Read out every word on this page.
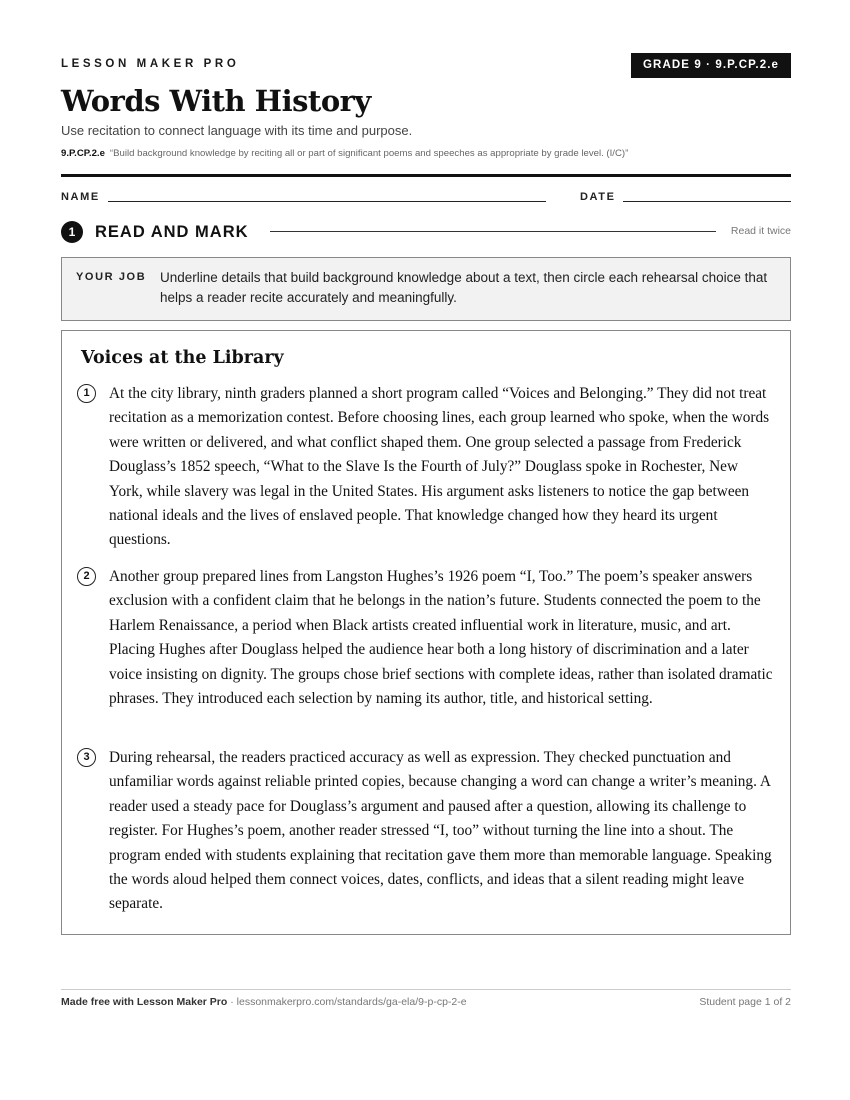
LESSON MAKER PRO	GRADE 9 · 9.P.CP.2.e
Words With History
Use recitation to connect language with its time and purpose.
9.P.CP.2.e “Build background knowledge by reciting all or part of significant poems and speeches as appropriate by grade level. (I/C)”
NAME	DATE
1	READ AND MARK	Read it twice
YOUR JOB Underline details that build background knowledge about a text, then circle each rehearsal choice that helps a reader recite accurately and meaningfully.
Voices at the Library
1	At the city library, ninth graders planned a short program called “Voices and Belonging.” They did not treat recitation as a memorization contest. Before choosing lines, each group learned who spoke, when the words were written or delivered, and what conflict shaped them. One group selected a passage from Frederick Douglass’s 1852 speech, “What to the Slave Is the Fourth of July?” Douglass spoke in Rochester, New York, while slavery was legal in the United States. His argument asks listeners to notice the gap between national ideals and the lives of enslaved people. That knowledge changed how they heard its urgent questions.

2	Another group prepared lines from Langston Hughes’s 1926 poem “I, Too.” The poem’s speaker answers exclusion with a confident claim that he belongs in the nation’s future. Students connected the poem to the Harlem Renaissance, a period when Black artists created influential work in literature, music, and art. Placing Hughes after Douglass helped the audience hear both a long history of discrimination and a later voice insisting on dignity. The groups chose brief sections with complete ideas, rather than isolated dramatic phrases. They introduced each selection by naming its author, title, and historical setting.

3	During rehearsal, the readers practiced accuracy as well as expression. They checked punctuation and unfamiliar words against reliable printed copies, because changing a word can change a writer’s meaning. A reader used a steady pace for Douglass’s argument and paused after a question, allowing its challenge to register. For Hughes’s poem, another reader stressed “I, too” without turning the line into a shout. The program ended with students explaining that recitation gave them more than memorable language. Speaking the words aloud helped them connect voices, dates, conflicts, and ideas that a silent reading might leave separate.

Made free with Lesson Maker Pro · lessonmakerpro.com/standards/ga-ela/9-p-cp-2-e	Student page 1 of 2
